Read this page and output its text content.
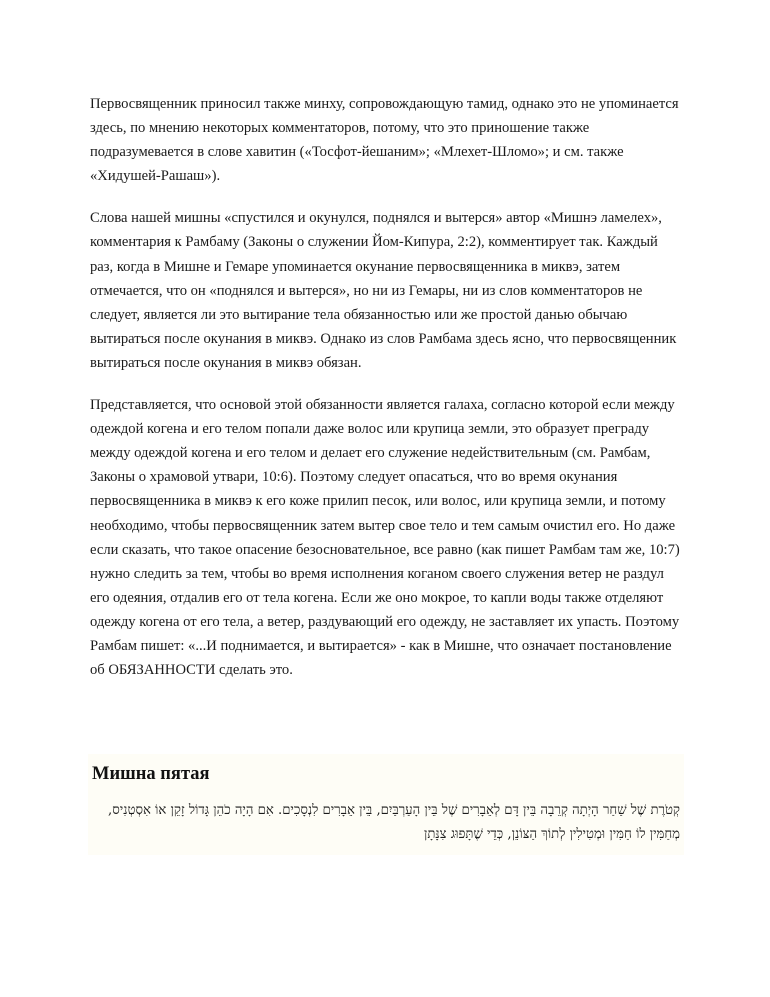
Первосвященник приносил также минху, сопровождающую тамид, однако это не упоминается здесь, по мнению некоторых комментаторов, потому, что это приношение также подразумевается в слове хавитин («Тосфот-йешаним»; «Млехет-Шломо»; и см. также «Хидушей-Рашаш»).

Слова нашей мишны «спустился и окунулся, поднялся и вытерся» автор «Мишнэ ламелех», комментария к Рамбаму (Законы о служении Йом-Кипура, 2:2), комментирует так. Каждый раз, когда в Мишне и Гемаре упоминается окунание первосвященника в миквэ, затем отмечается, что он «поднялся и вытерся», но ни из Гемары, ни из слов комментаторов не следует, является ли это вытирание тела обязанностью или же простой данью обычаю вытираться после окунания в миквэ. Однако из слов Рамбама здесь ясно, что первосвященник вытираться после окунания в миквэ обязан.

Представляется, что основой этой обязанности является галаха, согласно которой если между одеждой когена и его телом попали даже волос или крупица земли, это образует преграду между одеждой когена и его телом и делает его служение недействительным (см. Рамбам, Законы о храмовой утвари, 10:6). Поэтому следует опасаться, что во время окунания первосвященника в миквэ к его коже прилип песок, или волос, или крупица земли, и потому необходимо, чтобы первосвященник затем вытер свое тело и тем самым очистил его. Но даже если сказать, что такое опасение безосновательное, все равно (как пишет Рамбам там же, 10:7) нужно следить за тем, чтобы во время исполнения коганом своего служения ветер не раздул его одеяния, отдалив его от тела когена. Если же оно мокрое, то капли воды также отделяют одежду когена от его тела, а ветер, раздувающий его одежду, не заставляет их упасть. Поэтому Рамбам пишет: «...И поднимается, и вытирается» - как в Мишне, что означает постановление об ОБЯЗАННОСТИ сделать это.

Мишна пятая

קְטֹרֶת שֶׁל שַׁחַר הָיְתָה קְרֵבָה בֵּין דָּם לְאֵבָרִים שֶׁל בֵּין הָעַרְבַּיִם, בֵּין אֵבָרִים לִנְסָכִים. אִם הָיָה כֹהֵן גָּדוֹל זָקֵן אוֹ אִסְטְנִיס,

מְחַמִּין לוֹ חַמִּין וּמְטִילִין לְתוֹךְ הַצּוֹנֵן, כְּדֵי שֶׁתָּפוּג צִנָּתָן
